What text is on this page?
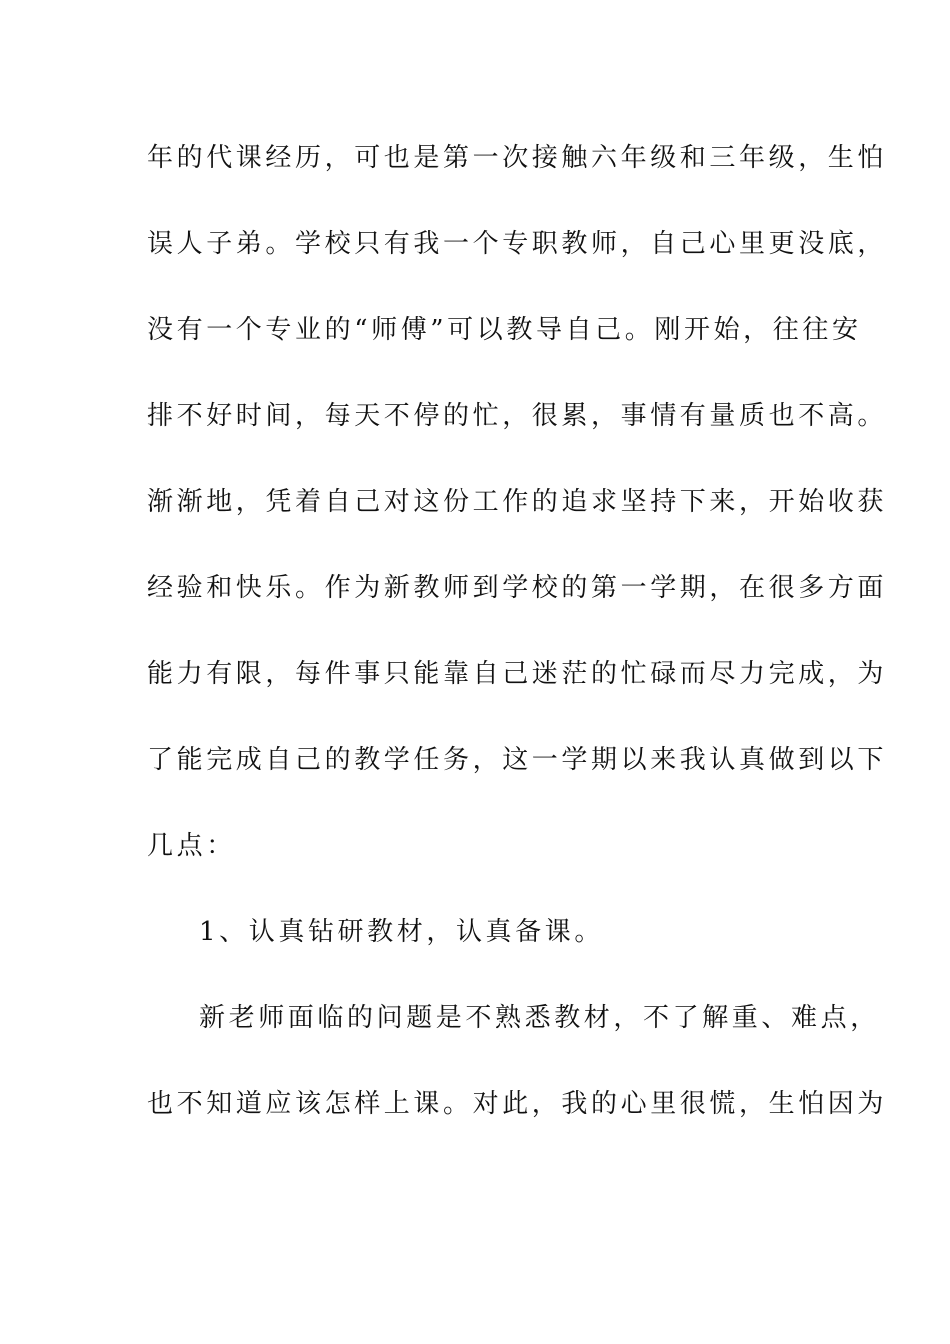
年的代课经历，可也是第一次接触六年级和三年级，生怕
误人子弟。学校只有我一个专职教师，自己心里更没底，
没有一个专业的“师傅”可以教导自己。刚开始，往往安
排不好时间，每天不停的忙，很累，事情有量质也不高。
渐渐地，凭着自己对这份工作的追求坚持下来，开始收获
经验和快乐。作为新教师到学校的第一学期，在很多方面
能力有限，每件事只能靠自己迷茫的忙碌而尽力完成，为
了能完成自己的教学任务，这一学期以来我认真做到以下
几点：
1、认真钻研教材，认真备课。
新老师面临的问题是不熟悉教材，不了解重、难点，
也不知道应该怎样上课。对此，我的心里很慌，生怕因为
